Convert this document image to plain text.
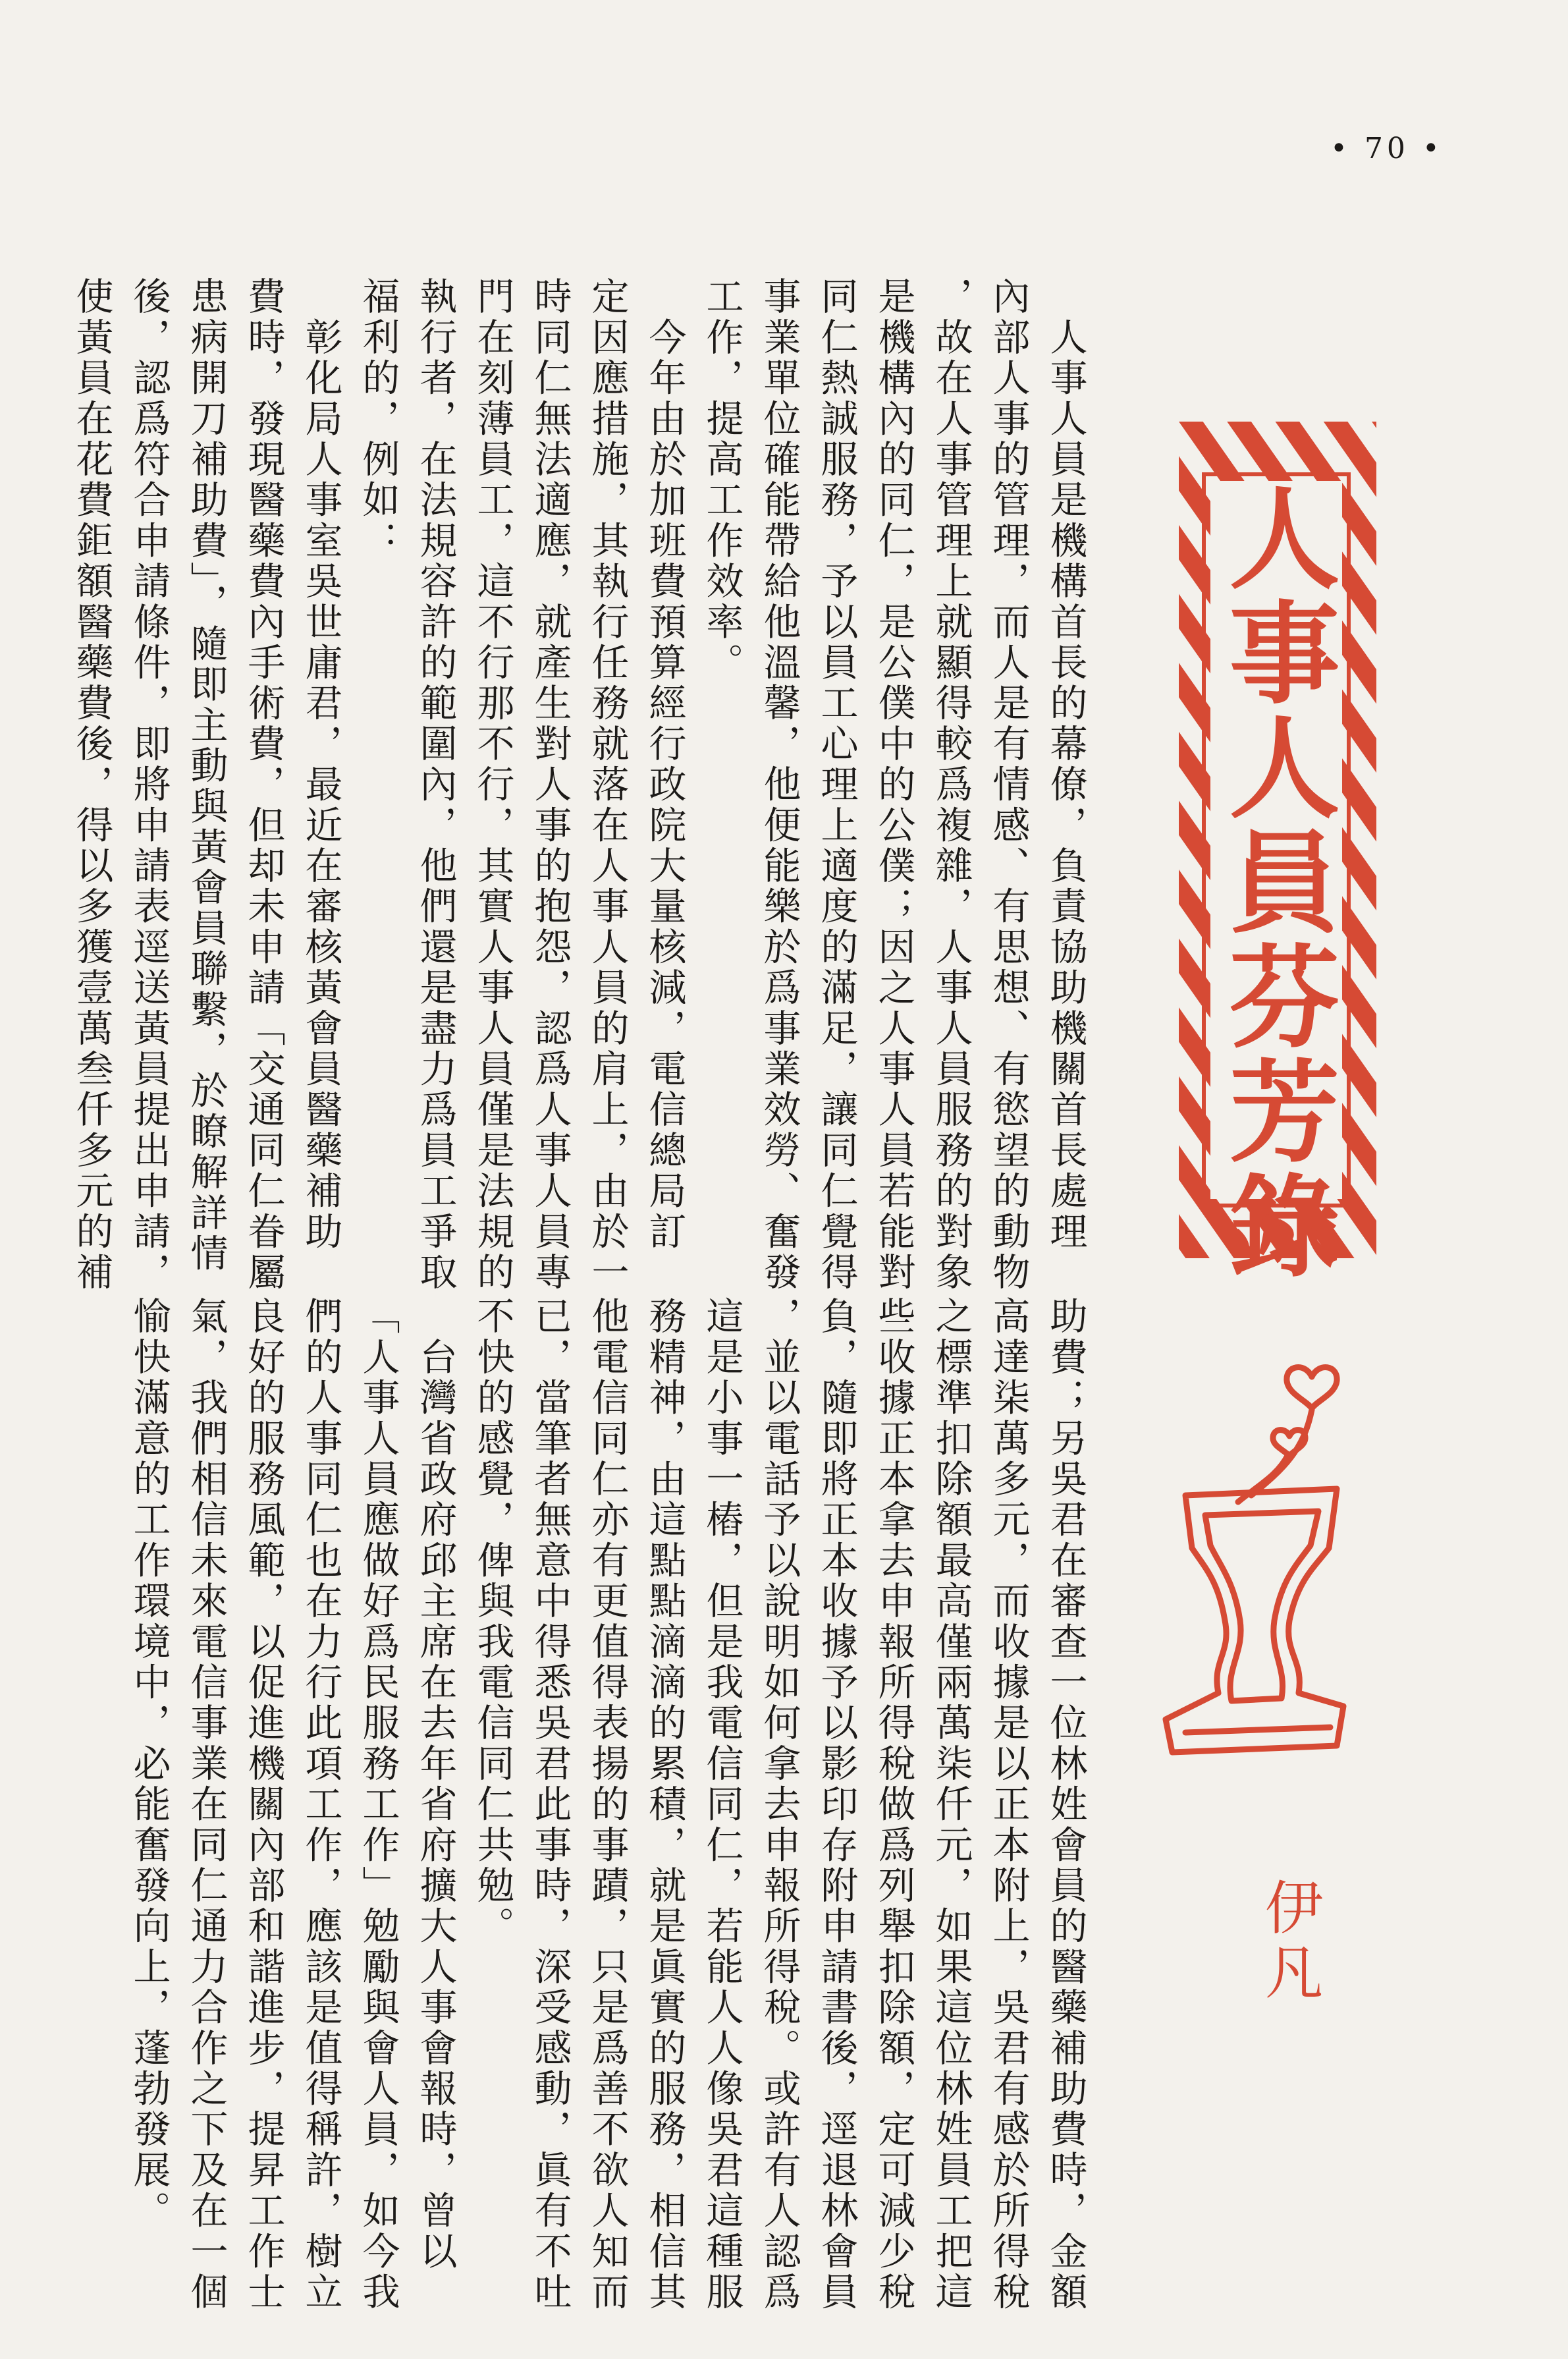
• 70 •
人事人員芬芳錄
伊凡
　人事人員是機構首長的幕僚，負責協助機關首長處理
內部人事的管理，而人是有情感、有思想、有慾望的動物
，故在人事管理上就顯得較爲複雜，人事人員服務的對象
是機構內的同仁，是公僕中的公僕；因之人事人員若能對
同仁熱誠服務，予以員工心理上適度的滿足，讓同仁覺得
事業單位確能帶給他溫馨，他便能樂於爲事業效勞、奮發
工作，提高工作效率。
　今年由於加班費預算經行政院大量核減，電信總局訂
定因應措施，其執行任務就落在人事人員的肩上，由於一
時同仁無法適應，就產生對人事的抱怨，認爲人事人員專
門在刻薄員工，這不行那不行，其實人事人員僅是法規的
執行者，在法規容許的範圍內，他們還是盡力爲員工爭取
福利的，例如：
　彰化局人事室吳世庸君，最近在審核黃會員醫藥補助
費時，發現醫藥費內手術費，但却未申請「交通同仁眷屬
患病開刀補助費」，隨即主動與黃會員聯繫，於瞭解詳情
後，認爲符合申請條件，即將申請表逕送黃員提出申請，
使黃員在花費鉅額醫藥費後，得以多獲壹萬叁仟多元的補
助費；另吳君在審查一位林姓會員的醫藥補助費時，金額
高達柒萬多元，而收據是以正本附上，吳君有感於所得稅
之標準扣除額最高僅兩萬柒仟元，如果這位林姓員工把這
些收據正本拿去申報所得稅做爲列舉扣除額，定可減少稅
負，隨即將正本收據予以影印存附申請書後，逕退林會員
，並以電話予以說明如何拿去申報所得稅。或許有人認爲
這是小事一樁，但是我電信同仁，若能人人像吳君這種服
務精神，由這點點滴滴的累積，就是眞實的服務，相信其
他電信同仁亦有更值得表揚的事蹟，只是爲善不欲人知而
已，當筆者無意中得悉吳君此事時，深受感動，眞有不吐
不快的感覺，俾與我電信同仁共勉。
　台灣省政府邱主席在去年省府擴大人事會報時，曾以
「人事人員應做好爲民服務工作」勉勵與會人員，如今我
們的人事同仁也在力行此項工作，應該是值得稱許，樹立
良好的服務風範，以促進機關內部和諧進步，提昇工作士
氣，我們相信未來電信事業在同仁通力合作之下及在一個
愉快滿意的工作環境中，必能奮發向上，蓬勃發展。
